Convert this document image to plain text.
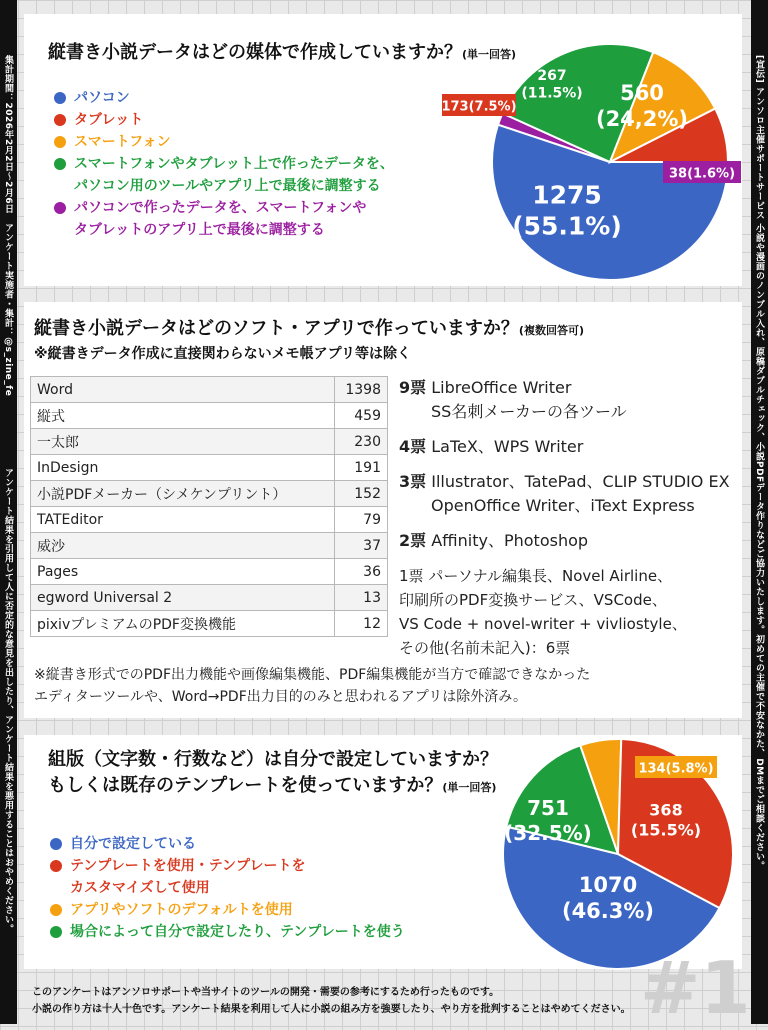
集計期間：2026年2月2日～2月6日　アンケート実施者・集計：@s_zine_fe
アンケート結果を引用して人に否定的な意見を出したり、アンケート結果を悪用することはおやめください。	[宣伝] アンソロ主催サポートサービス 小説や漫画のノンブル入れ、原稿ダブルチェック、小説PDFデータ作りなどご協力いたします。初めての主催で不安なかた、DMまでご相談ください。
縦書き小説データはどの媒体で作成していますか？(単一回答)
パソコン
タブレット
スマートフォン
スマートフォンやタブレット上で作ったデータを、
パソコン用のツールやアプリ上で最後に調整する
パソコンで作ったデータを、スマートフォンや
タブレットのアプリ上で最後に調整する
1275 (55.1%)
38(1.6%)
560 (24,2%)
267 (11.5%)
173(7.5%)
縦書き小説データはどのソフト・アプリで作っていますか？(複数回答可)
※縦書きデータ作成に直接関わらないメモ帳アプリ等は除く
Word	1398
縦式	459
一太郎	230
InDesign	191
小説PDFメーカー（シメケンプリント）	152
TATEditor	79
威沙	37
Pages	36
egword Universal 2	13
pixivプレミアムのPDF変換機能	12
9票 LibreOffice Writer
SS名刺メーカーの各ツール
4票 LaTeX、WPS Writer
3票 Illustrator、TatePad、CLIP STUDIO EX
OpenOffice Writer、iText Express
2票 Affinity、Photoshop
1票 パーソナル編集長、Novel Airline、
印刷所のPDF変換サービス、VSCode、
VS Code + novel-writer + vivliostyle、
その他(名前未記入)：6票
※縦書き形式でのPDF出力機能や画像編集機能、PDF編集機能が当方で確認できなかった
エディターツールや、Word→PDF出力目的のみと思われるアプリは除外済み。
組版（文字数・行数など）は自分で設定していますか？
もしくは既存のテンプレートを使っていますか？(単一回答)
自分で設定している
テンプレートを使用・テンプレートを
カスタマイズして使用
アプリやソフトのデフォルトを使用
場合によって自分で設定したり、テンプレートを使う
1070 (46.3%)
368 (15.5%)
134(5.8%)
751 (32.5%)
#1
このアンケートはアンソロサポートや当サイトのツールの開発・需要の参考にするため行ったものです。
小説の作り方は十人十色です。アンケート結果を利用して人に小説の組み方を強要したり、やり方を批判することはやめてください。
